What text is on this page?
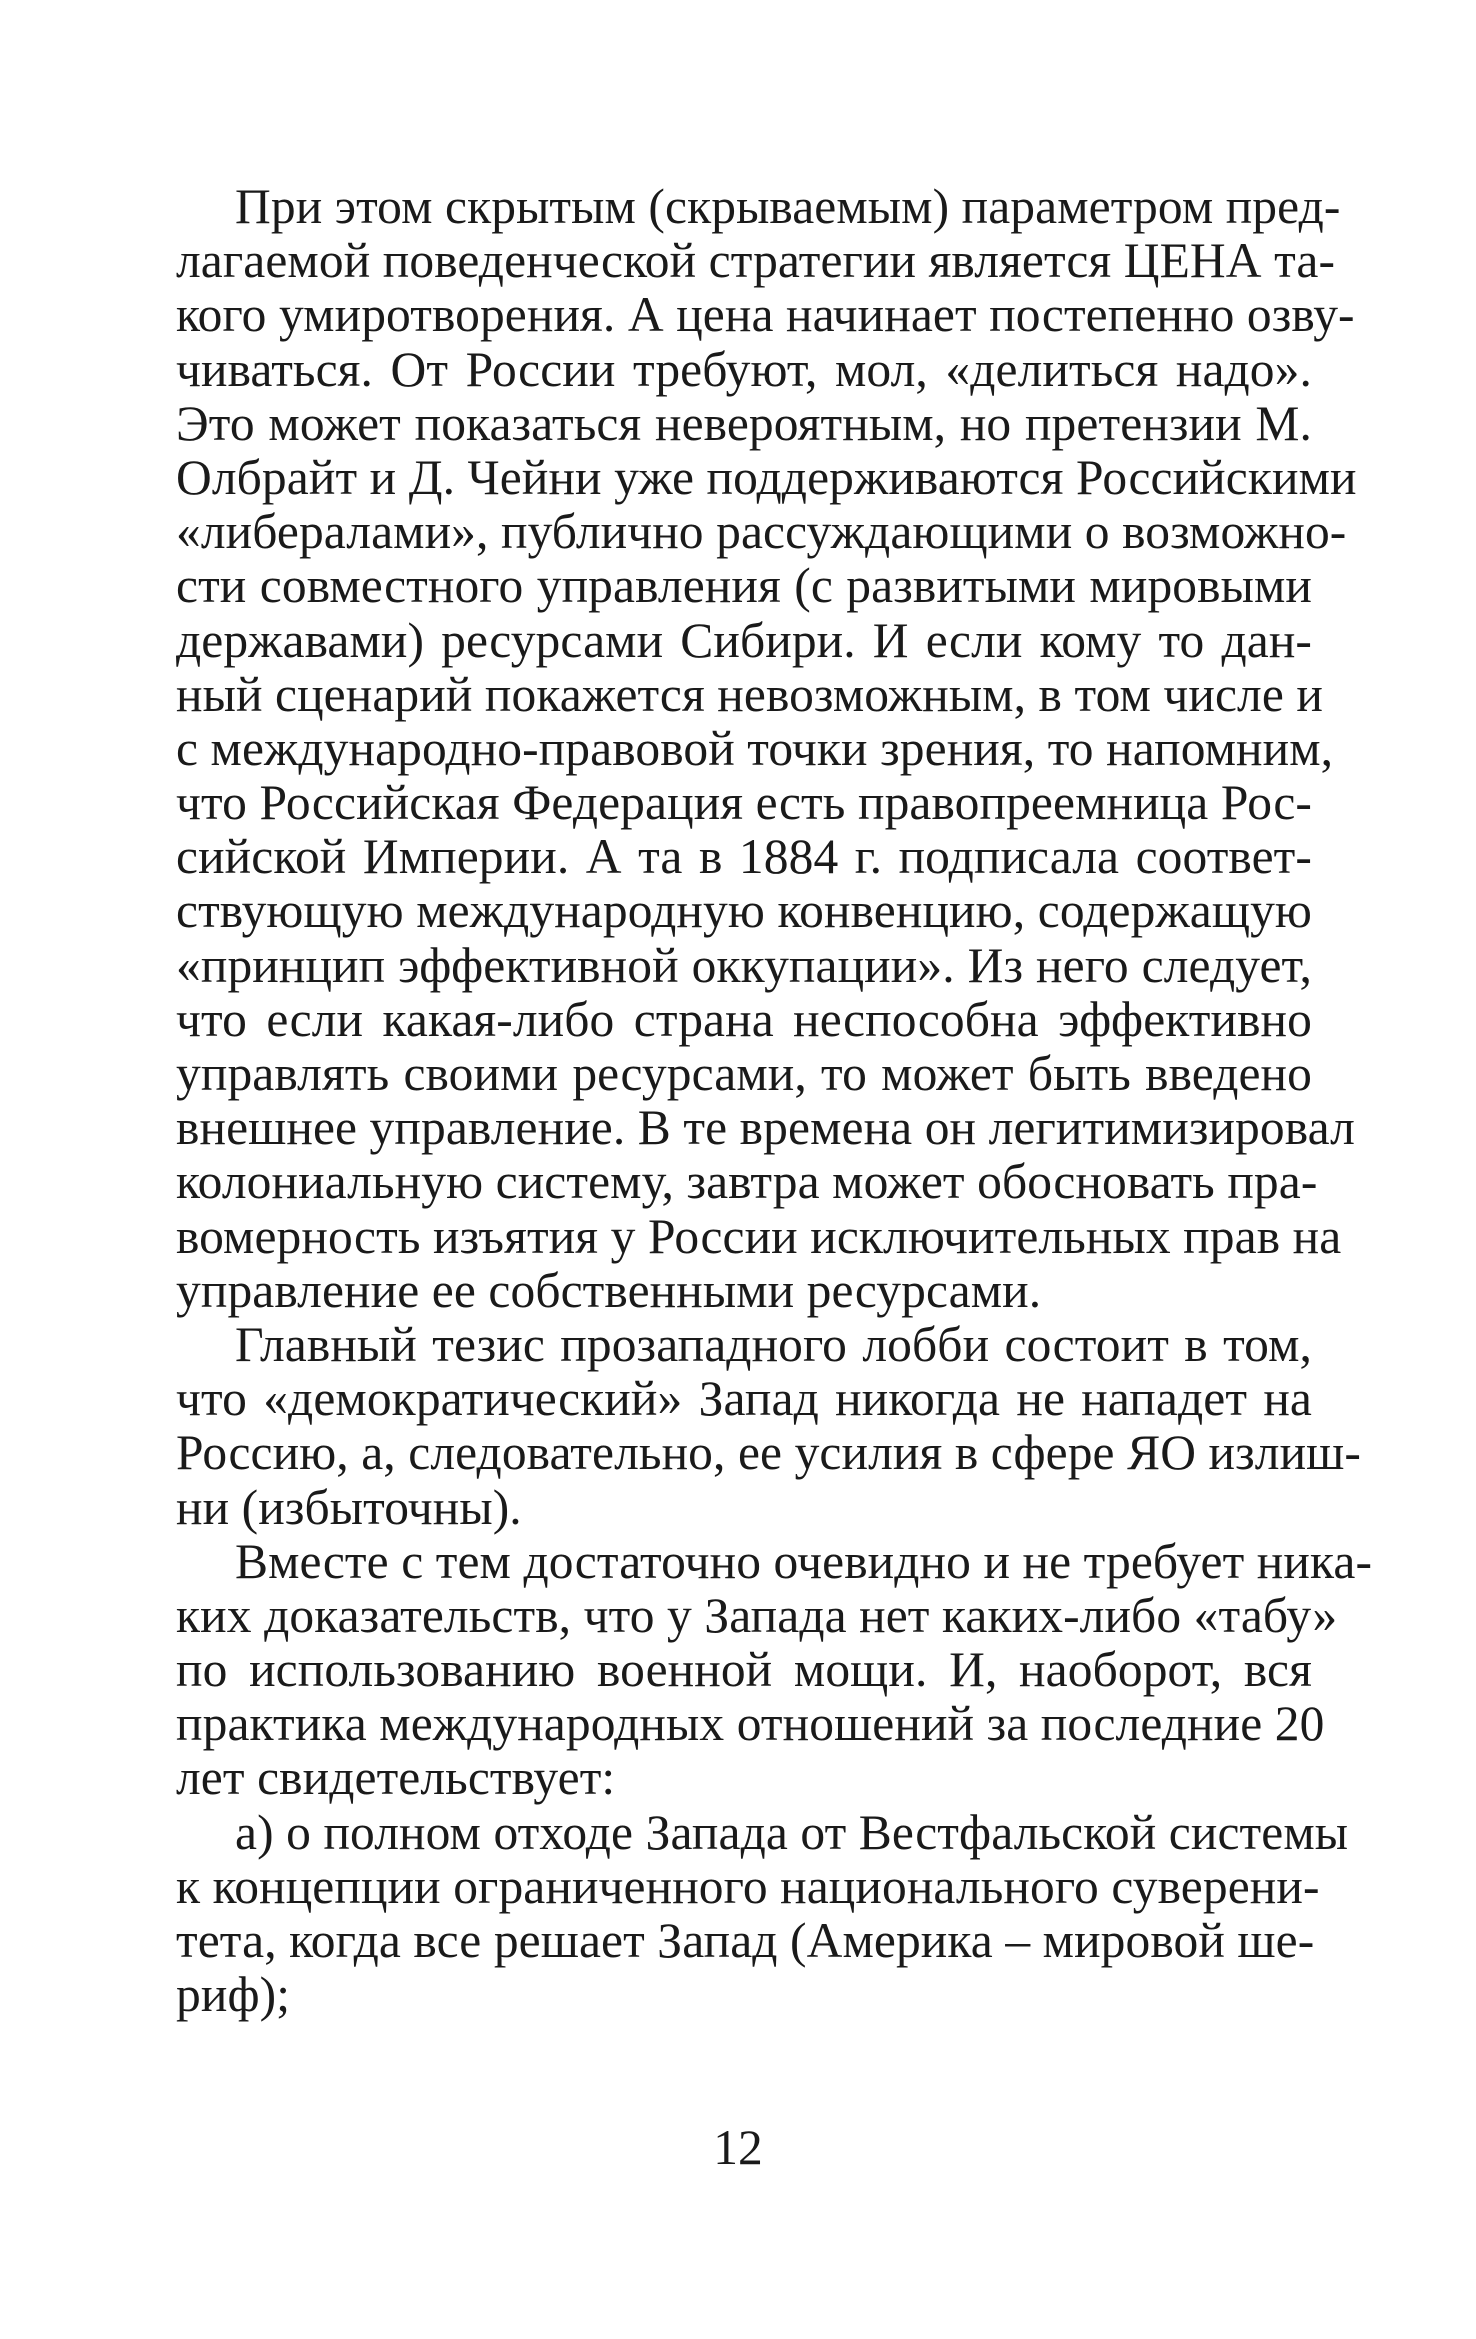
При этом скрытым (скрываемым) параметром пред-
лагаемой поведенческой стратегии является ЦЕНА та-
кого умиротворения. А цена начинает постепенно озву-
чиваться. От России требуют, мол, «делиться надо».
Это может показаться невероятным, но претензии М.
Олбрайт и Д. Чейни уже поддерживаются Российскими
«либералами», публично рассуждающими о возможно-
сти совместного управления (с развитыми мировыми
державами) ресурсами Сибири. И если кому то дан-
ный сценарий покажется невозможным, в том числе и
с международно-правовой точки зрения, то напомним,
что Российская Федерация есть правопреемница Рос-
сийской Империи. А та в 1884 г. подписала соответ-
ствующую международную конвенцию, содержащую
«принцип эффективной оккупации». Из него следует,
что если какая-либо страна неспособна эффективно
управлять своими ресурсами, то может быть введено
внешнее управление. В те времена он легитимизировал
колониальную систему, завтра может обосновать пра-
вомерность изъятия у России исключительных прав на
управление ее собственными ресурсами.
Главный тезис прозападного лобби состоит в том,
что «демократический» Запад никогда не нападет на
Россию, а, следовательно, ее усилия в сфере ЯО излиш-
ни (избыточны).
Вместе с тем достаточно очевидно и не требует ника-
ких доказательств, что у Запада нет каких-либо «табу»
по использованию военной мощи. И, наоборот, вся
практика международных отношений за последние 20
лет свидетельствует:
а) о полном отходе Запада от Вестфальской системы
к концепции ограниченного национального суверени-
тета, когда все решает Запад (Америка – мировой ше-
риф);
12
